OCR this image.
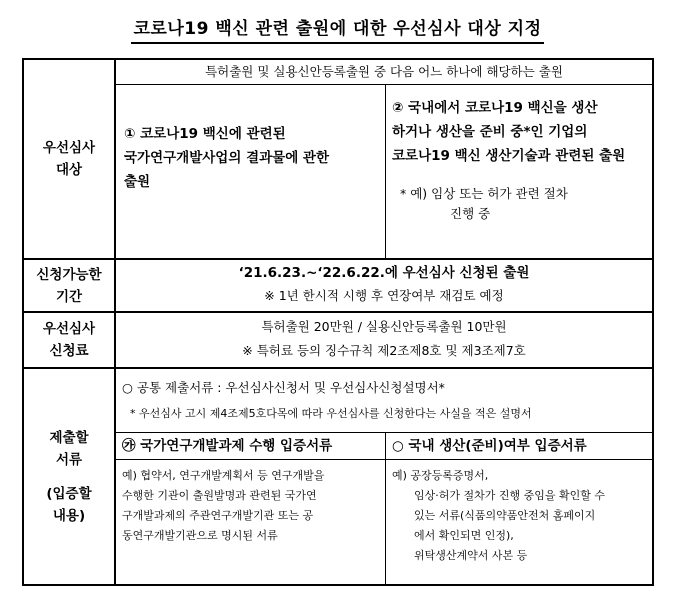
코로나19 백신 관련 출원에 대한 우선심사 대상 지정
우선심사
대상
특허출원 및 실용신안등록출원 중 다음 어느 하나에 해당하는 출원
① 코로나19 백신에 관련된
국가연구개발사업의 결과물에 관한
출원
② 국내에서 코로나19 백신을 생산
하거나 생산을 준비 중*인 기업의
코로나19 백신 생산기술과 관련된 출원
* 예) 임상 또는 허가 관련 절차
진행 중
신청가능한
기간
‘21.6.23.~‘22.6.22.에 우선심사 신청된 출원
※ 1년 한시적 시행 후 연장여부 재검토 예정
우선심사
신청료
특허출원 20만원 / 실용신안등록출원 10만원
※ 특허료 등의 징수규칙 제2조제8호 및 제3조제7호
제출할
서류
(입증할
내용)
○ 공통 제출서류 : 우선심사신청서 및 우선심사신청설명서*
* 우선심사 고시 제4조제5호다목에 따라 우선심사를 신청한다는 사실을 적은 설명서
㉮ 국가연구개발과제 수행 입증서류
예) 협약서, 연구개발계획서 등 연구개발을
수행한 기관이 출원발명과 관련된 국가연
구개발과제의 주관연구개발기관 또는 공
동연구개발기관으로 명시된 서류
○ 국내 생산(준비)여부 입증서류
예) 공장등록증명서,
임상·허가 절차가 진행 중임을 확인할 수
있는 서류(식품의약품안전처 홈페이지
에서 확인되면 인정),
위탁생산계약서 사본 등
